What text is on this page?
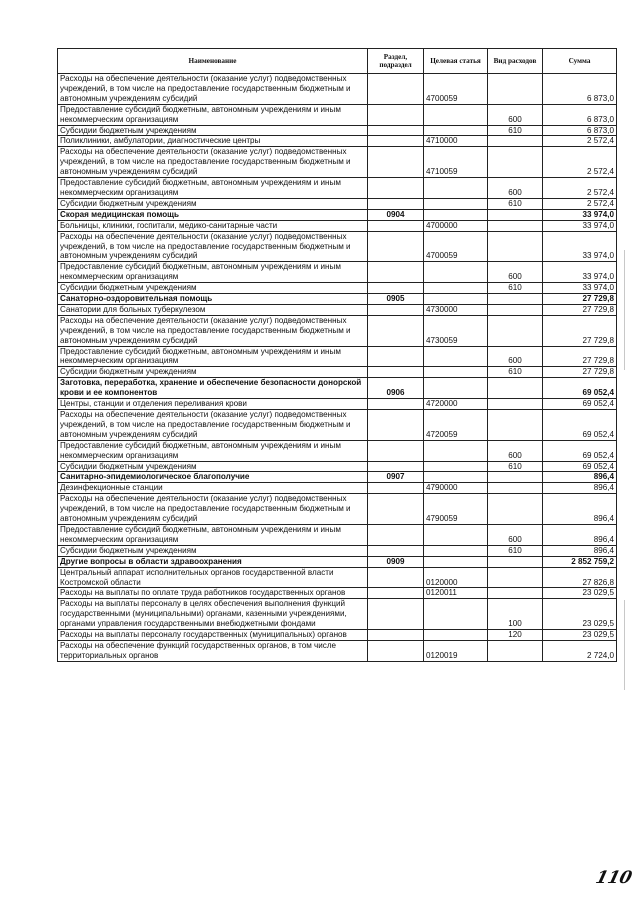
Наименование	Раздел, подраздел	Целевая статья	Вид расходов	Сумма
Расходы на обеспечение деятельности (оказание услуг) подведомственных учреждений, в том числе на предоставление государственным бюджетным и автономным учреждениям субсидий		4700059		6 873,0
Предоставление субсидий бюджетным, автономным учреждениям и иным некоммерческим организациям			600	6 873,0
Субсидии бюджетным учреждениям			610	6 873,0
Поликлиники, амбулатории, диагностические центры		4710000		2 572,4
Расходы на обеспечение деятельности (оказание услуг) подведомственных учреждений, в том числе на предоставление государственным бюджетным и автономным учреждениям субсидий		4710059		2 572,4
Предоставление субсидий бюджетным, автономным учреждениям и иным некоммерческим организациям			600	2 572,4
Субсидии бюджетным учреждениям			610	2 572,4
Скорая медицинская помощь	0904			33 974,0
Больницы, клиники, госпитали, медико-санитарные части		4700000		33 974,0
Расходы на обеспечение деятельности (оказание услуг) подведомственных учреждений, в том числе на предоставление государственным бюджетным и автономным учреждениям субсидий		4700059		33 974,0
Предоставление субсидий бюджетным, автономным учреждениям и иным некоммерческим организациям			600	33 974,0
Субсидии бюджетным учреждениям			610	33 974,0
Санаторно-оздоровительная помощь	0905			27 729,8
Санатории для больных туберкулезом		4730000		27 729,8
Расходы на обеспечение деятельности (оказание услуг) подведомственных учреждений, в том числе на предоставление государственным бюджетным и автономным учреждениям субсидий		4730059		27 729,8
Предоставление субсидий бюджетным, автономным учреждениям и иным некоммерческим организациям			600	27 729,8
Субсидии бюджетным учреждениям			610	27 729,8
Заготовка, переработка, хранение и обеспечение безопасности донорской крови и ее компонентов	0906			69 052,4
Центры, станции и отделения переливания крови		4720000		69 052,4
Расходы на обеспечение деятельности (оказание услуг) подведомственных учреждений, в том числе на предоставление государственным бюджетным и автономным учреждениям субсидий		4720059		69 052,4
Предоставление субсидий бюджетным, автономным учреждениям и иным некоммерческим организациям			600	69 052,4
Субсидии бюджетным учреждениям			610	69 052,4
Санитарно-эпидемиологическое благополучие	0907			896,4
Дезинфекционные станции		4790000		896,4
Расходы на обеспечение деятельности (оказание услуг) подведомственных учреждений, в том числе на предоставление государственным бюджетным и автономным учреждениям субсидий		4790059		896,4
Предоставление субсидий бюджетным, автономным учреждениям и иным некоммерческим организациям			600	896,4
Субсидии бюджетным учреждениям			610	896,4
Другие вопросы в области здравоохранения	0909			2 852 759,2
Центральный аппарат исполнительных органов государственной власти Костромской области		0120000		27 826,8
Расходы на выплаты по оплате труда работников государственных органов		0120011		23 029,5
Расходы на выплаты персоналу в целях обеспечения выполнения функций государственными (муниципальными) органами, казенными учреждениями, органами управления государственными внебюджетными фондами			100	23 029,5
Расходы на выплаты персоналу государственных (муниципальных) органов			120	23 029,5
Расходы на обеспечение функций государственных органов, в том числе территориальных органов		0120019		2 724,0
110
